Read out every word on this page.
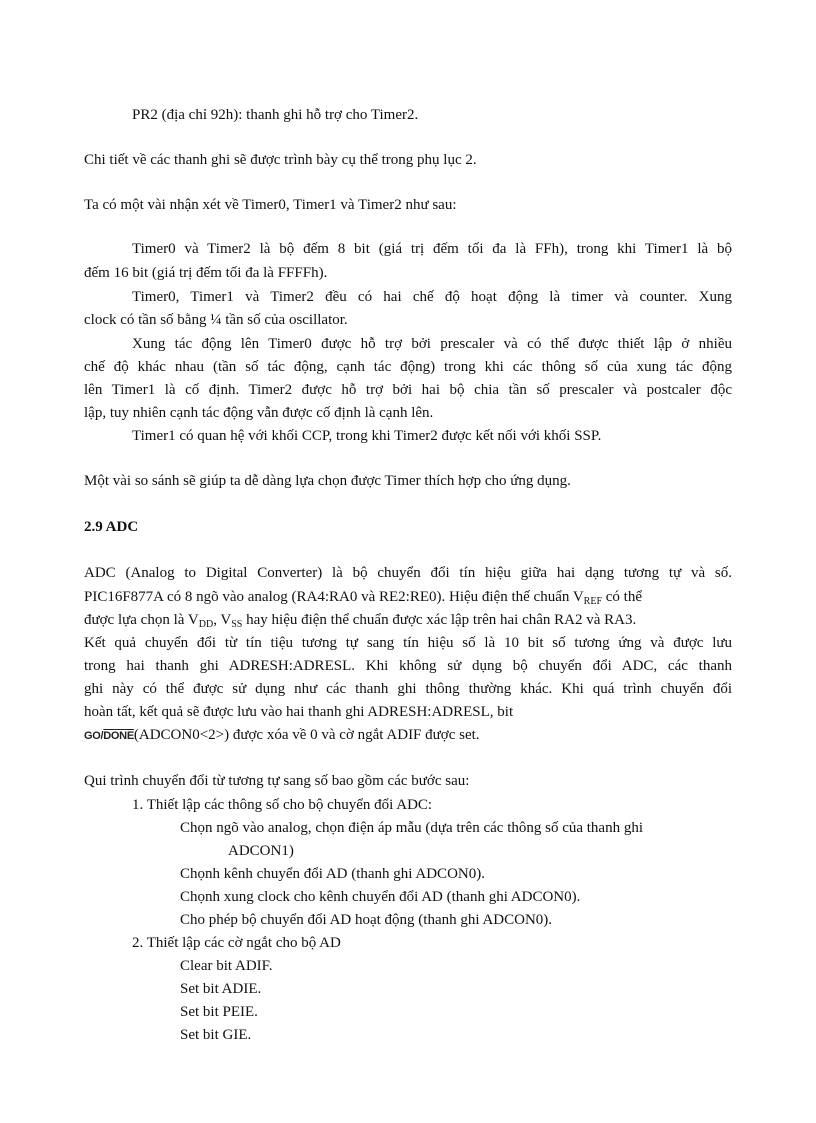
PR2 (địa chỉ 92h): thanh ghi hỗ trợ cho Timer2.
Chi tiết về các thanh ghi sẽ được trình bày cụ thể trong phụ lục 2.
Ta có một vài nhận xét về Timer0, Timer1 và Timer2 như sau:
Timer0 và Timer2 là bộ đếm 8 bit (giá trị đếm tối đa là FFh), trong khi Timer1 là bộ
đếm 16 bit (giá trị đếm tối đa là FFFFh).
Timer0, Timer1 và Timer2 đều có hai chế độ hoạt động là timer và counter. Xung
clock có tần số bằng ¼ tần số của oscillator.
Xung tác động lên Timer0 được hỗ trợ bởi prescaler và có thể được thiết lập ở nhiều
chế độ khác nhau (tần số tác động, cạnh tác động) trong khi các thông số của xung tác động
lên Timer1 là cố định. Timer2 được hỗ trợ bởi hai bộ chia tần số prescaler và postcaler độc
lập, tuy nhiên cạnh tác động vẫn được cố định là cạnh lên.
Timer1 có quan hệ với khối CCP, trong khi Timer2 được kết nối với khối SSP.
Một vài so sánh sẽ giúp ta dễ dàng lựa chọn được Timer thích hợp cho ứng dụng.
2.9 ADC
ADC (Analog to Digital Converter) là bộ chuyển đổi tín hiệu giữa hai dạng tương tự và số.
PIC16F877A có 8 ngõ vào analog (RA4:RA0 và RE2:RE0). Hiệu điện thế chuẩn $V_{REF}$ có thể
được lựa chọn là $V_{DD}$, $V_{SS}$ hay hiệu điện thể chuẩn được xác lập trên hai chân RA2 và RA3.
Kết quả chuyển đổi từ tín tiệu tương tự sang tín hiệu số là 10 bit số tương ứng và được lưu
trong hai thanh ghi ADRESH:ADRESL. Khi không sử dụng bộ chuyển đổi ADC, các thanh
ghi này có thể được sử dụng như các thanh ghi thông thường khác. Khi quá trình chuyển đổi
hoàn tất, kết quả sẽ được lưu vào hai thanh ghi ADRESH:ADRESL, bit
GO/DONE(ADCON0<2>) được xóa về 0 và cờ ngắt ADIF được set.
Qui trình chuyển đổi từ tương tự sang số bao gồm các bước sau:
1. Thiết lập các thông số cho bộ chuyển đổi ADC:
Chọn ngõ vào analog, chọn điện áp mẫu (dựa trên các thông số của thanh ghi
ADCON1)
Chọnh kênh chuyển đổi AD (thanh ghi ADCON0).
Chọnh xung clock cho kênh chuyển đổi AD (thanh ghi ADCON0).
Cho phép bộ chuyển đổi AD hoạt động (thanh ghi ADCON0).
2. Thiết lập các cờ ngắt cho bộ AD
Clear bit ADIF.
Set bit ADIE.
Set bit PEIE.
Set bit GIE.
